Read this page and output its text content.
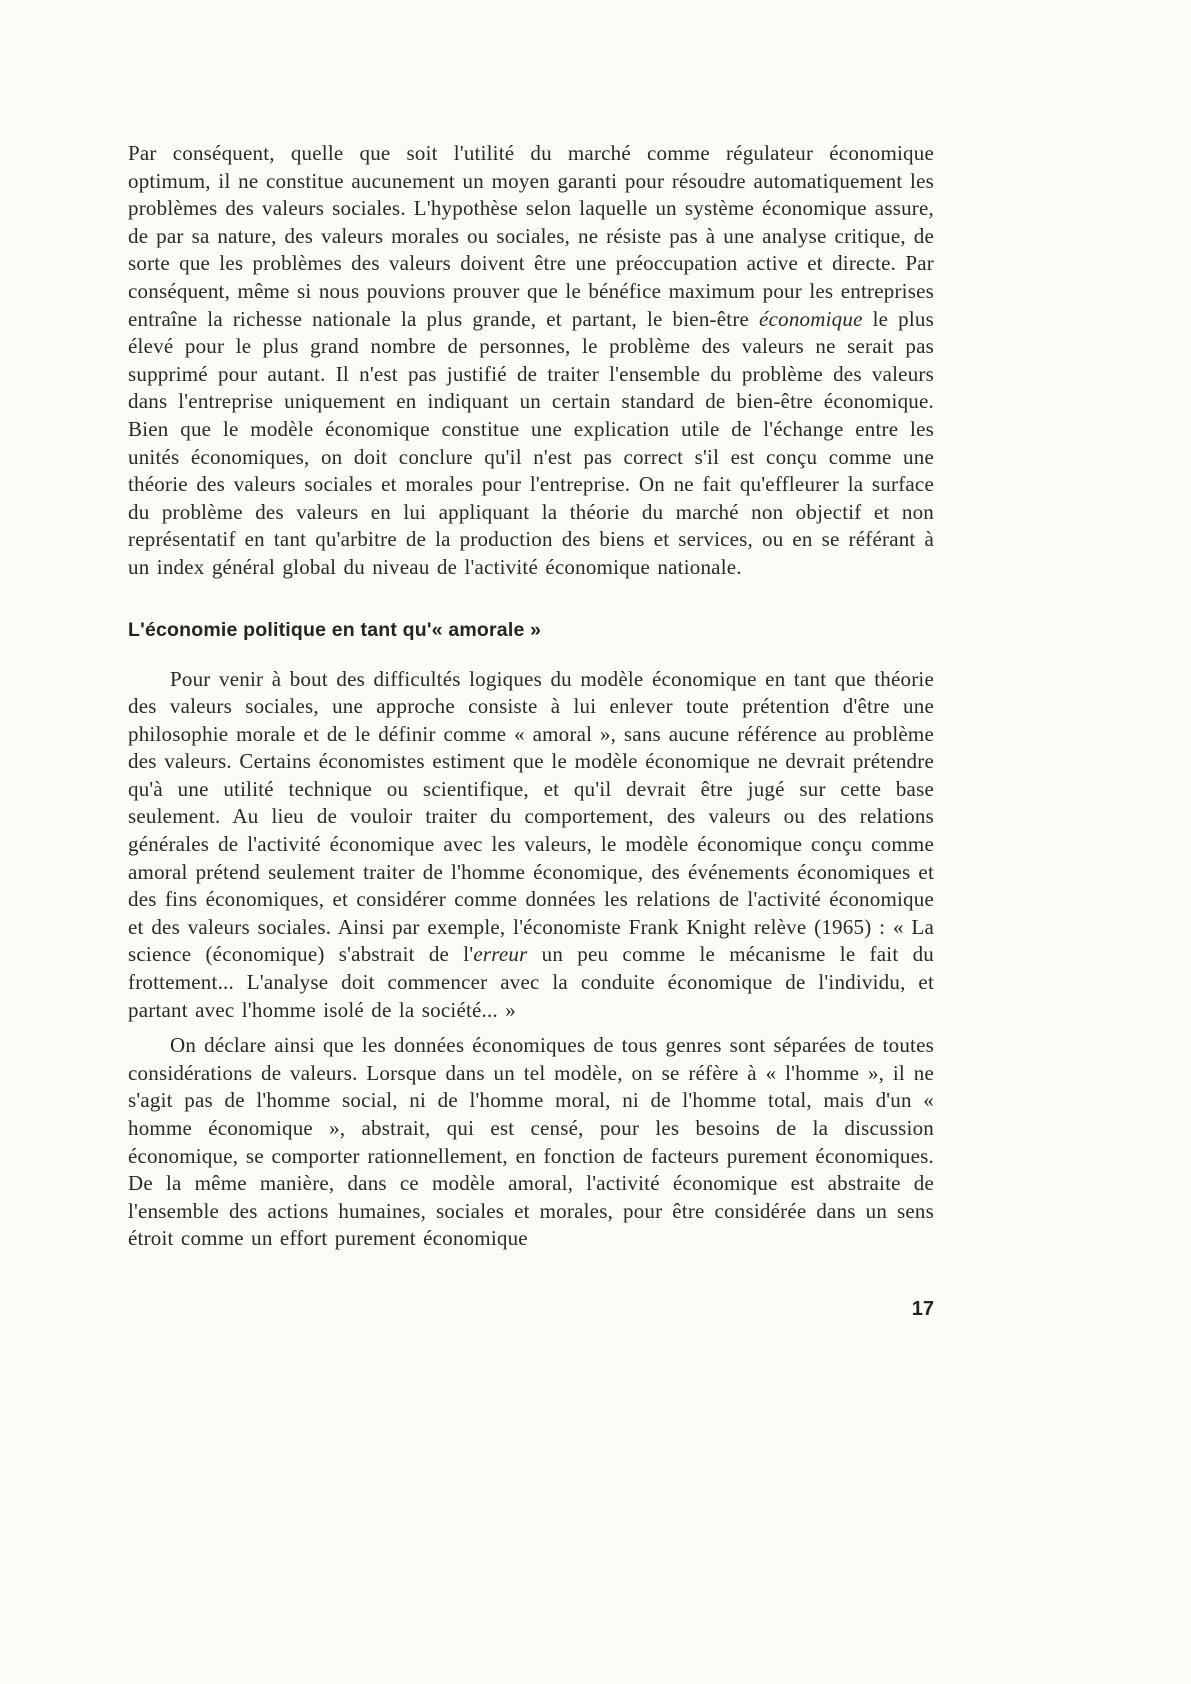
Par conséquent, quelle que soit l'utilité du marché comme régulateur économique optimum, il ne constitue aucunement un moyen garanti pour résoudre automatiquement les problèmes des valeurs sociales. L'hypothèse selon laquelle un système économique assure, de par sa nature, des valeurs morales ou sociales, ne résiste pas à une analyse critique, de sorte que les problèmes des valeurs doivent être une préoccupation active et directe. Par conséquent, même si nous pouvions prouver que le bénéfice maximum pour les entreprises entraîne la richesse nationale la plus grande, et partant, le bien-être économique le plus élevé pour le plus grand nombre de personnes, le problème des valeurs ne serait pas supprimé pour autant. Il n'est pas justifié de traiter l'ensemble du problème des valeurs dans l'entreprise uniquement en indiquant un certain standard de bien-être économique. Bien que le modèle économique constitue une explication utile de l'échange entre les unités économiques, on doit conclure qu'il n'est pas correct s'il est conçu comme une théorie des valeurs sociales et morales pour l'entreprise. On ne fait qu'effleurer la surface du problème des valeurs en lui appliquant la théorie du marché non objectif et non représentatif en tant qu'arbitre de la production des biens et services, ou en se référant à un index général global du niveau de l'activité économique nationale.

L'économie politique en tant qu'« amorale »

Pour venir à bout des difficultés logiques du modèle économique en tant que théorie des valeurs sociales, une approche consiste à lui enlever toute prétention d'être une philosophie morale et de le définir comme « amoral », sans aucune référence au problème des valeurs. Certains économistes estiment que le modèle économique ne devrait prétendre qu'à une utilité technique ou scientifique, et qu'il devrait être jugé sur cette base seulement. Au lieu de vouloir traiter du comportement, des valeurs ou des relations générales de l'activité économique avec les valeurs, le modèle économique conçu comme amoral prétend seulement traiter de l'homme économique, des événements économiques et des fins économiques, et considérer comme données les relations de l'activité économique et des valeurs sociales. Ainsi par exemple, l'économiste Frank Knight relève (1965) : « La science (économique) s'abstrait de l'erreur un peu comme le mécanisme le fait du frottement... L'analyse doit commencer avec la conduite économique de l'individu, et partant avec l'homme isolé de la société... »

On déclare ainsi que les données économiques de tous genres sont séparées de toutes considérations de valeurs. Lorsque dans un tel modèle, on se réfère à « l'homme », il ne s'agit pas de l'homme social, ni de l'homme moral, ni de l'homme total, mais d'un « homme économique », abstrait, qui est censé, pour les besoins de la discussion économique, se comporter rationnellement, en fonction de facteurs purement économiques. De la même manière, dans ce modèle amoral, l'activité économique est abstraite de l'ensemble des actions humaines, sociales et morales, pour être considérée dans un sens étroit comme un effort purement économique

17
